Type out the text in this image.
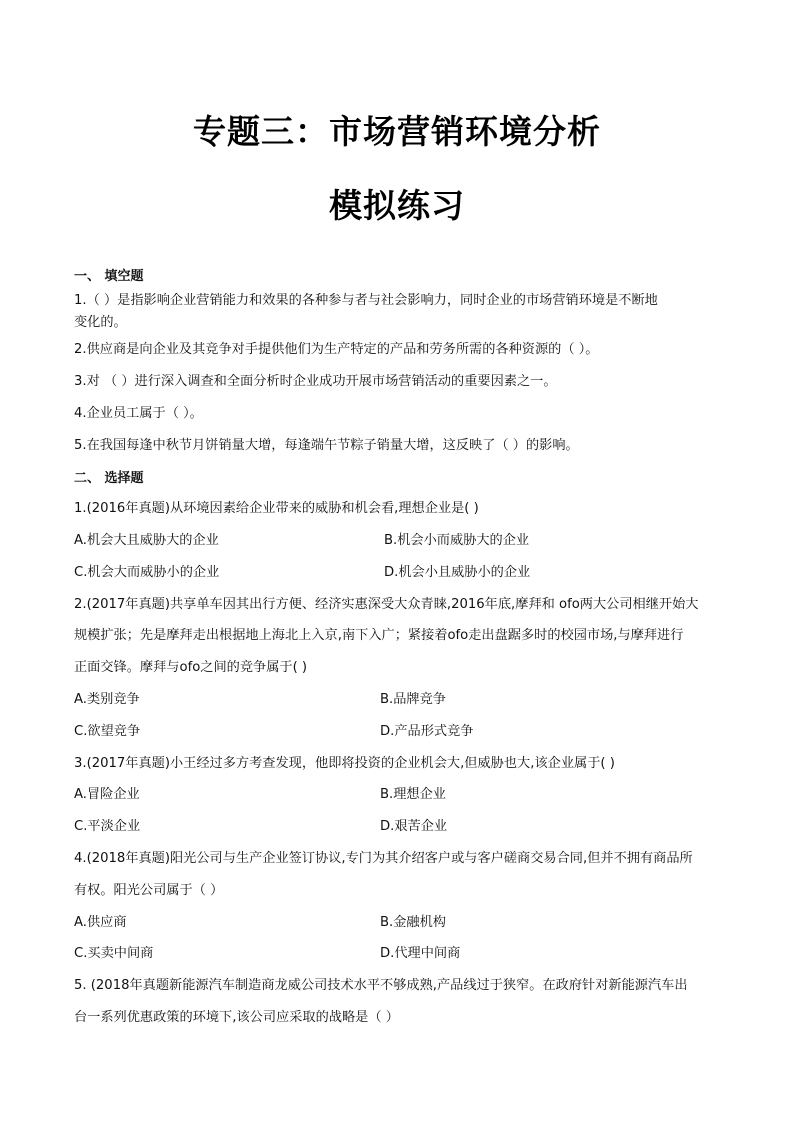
专题三：市场营销环境分析
模拟练习

一、 填空题

1.（ ）是指影响企业营销能力和效果的各种参与者与社会影响力，同时企业的市场营销环境是不断地

变化的。

2.供应商是向企业及其竞争对手提供他们为生产特定的产品和劳务所需的各种资源的（ ）。

3.对 （ ）进行深入调查和全面分析时企业成功开展市场营销活动的重要因素之一。

4.企业员工属于（ ）。

5.在我国每逢中秋节月饼销量大增，每逢端午节粽子销量大增，这反映了（ ）的影响。

二、 选择题

1.(2016年真题)从环境因素给企业带来的威胁和机会看,理想企业是( )

A.机会大且威胁大的企业	B.机会小而威胁大的企业

C.机会大而威胁小的企业	D.机会小且威胁小的企业

2.(2017年真题)共享单车因其出行方便、经济实惠深受大众青睐,2016年底,摩拜和 ofo两大公司相继开始大

规模扩张；先是摩拜走出根据地上海北上入京,南下入广；紧接着ofo走出盘踞多时的校园市场,与摩拜进行

正面交锋。摩拜与ofo之间的竞争属于( )

A.类别竞争	B.品牌竞争

C.欲望竞争	D.产品形式竞争

3.(2017年真题)小王经过多方考查发现，他即将投资的企业机会大,但威胁也大,该企业属于( )

A.冒险企业	B.理想企业

C.平淡企业	D.艰苦企业

4.(2018年真题)阳光公司与生产企业签订协议,专门为其介绍客户或与客户磋商交易合同,但并不拥有商品所

有权。阳光公司属于（ ）

A.供应商	B.金融机构

C.买卖中间商	D.代理中间商

5. (2018年真题新能源汽车制造商龙威公司技术水平不够成熟,产品线过于狭窄。在政府针对新能源汽车出

台一系列优惠政策的环境下,该公司应采取的战略是（ ）
